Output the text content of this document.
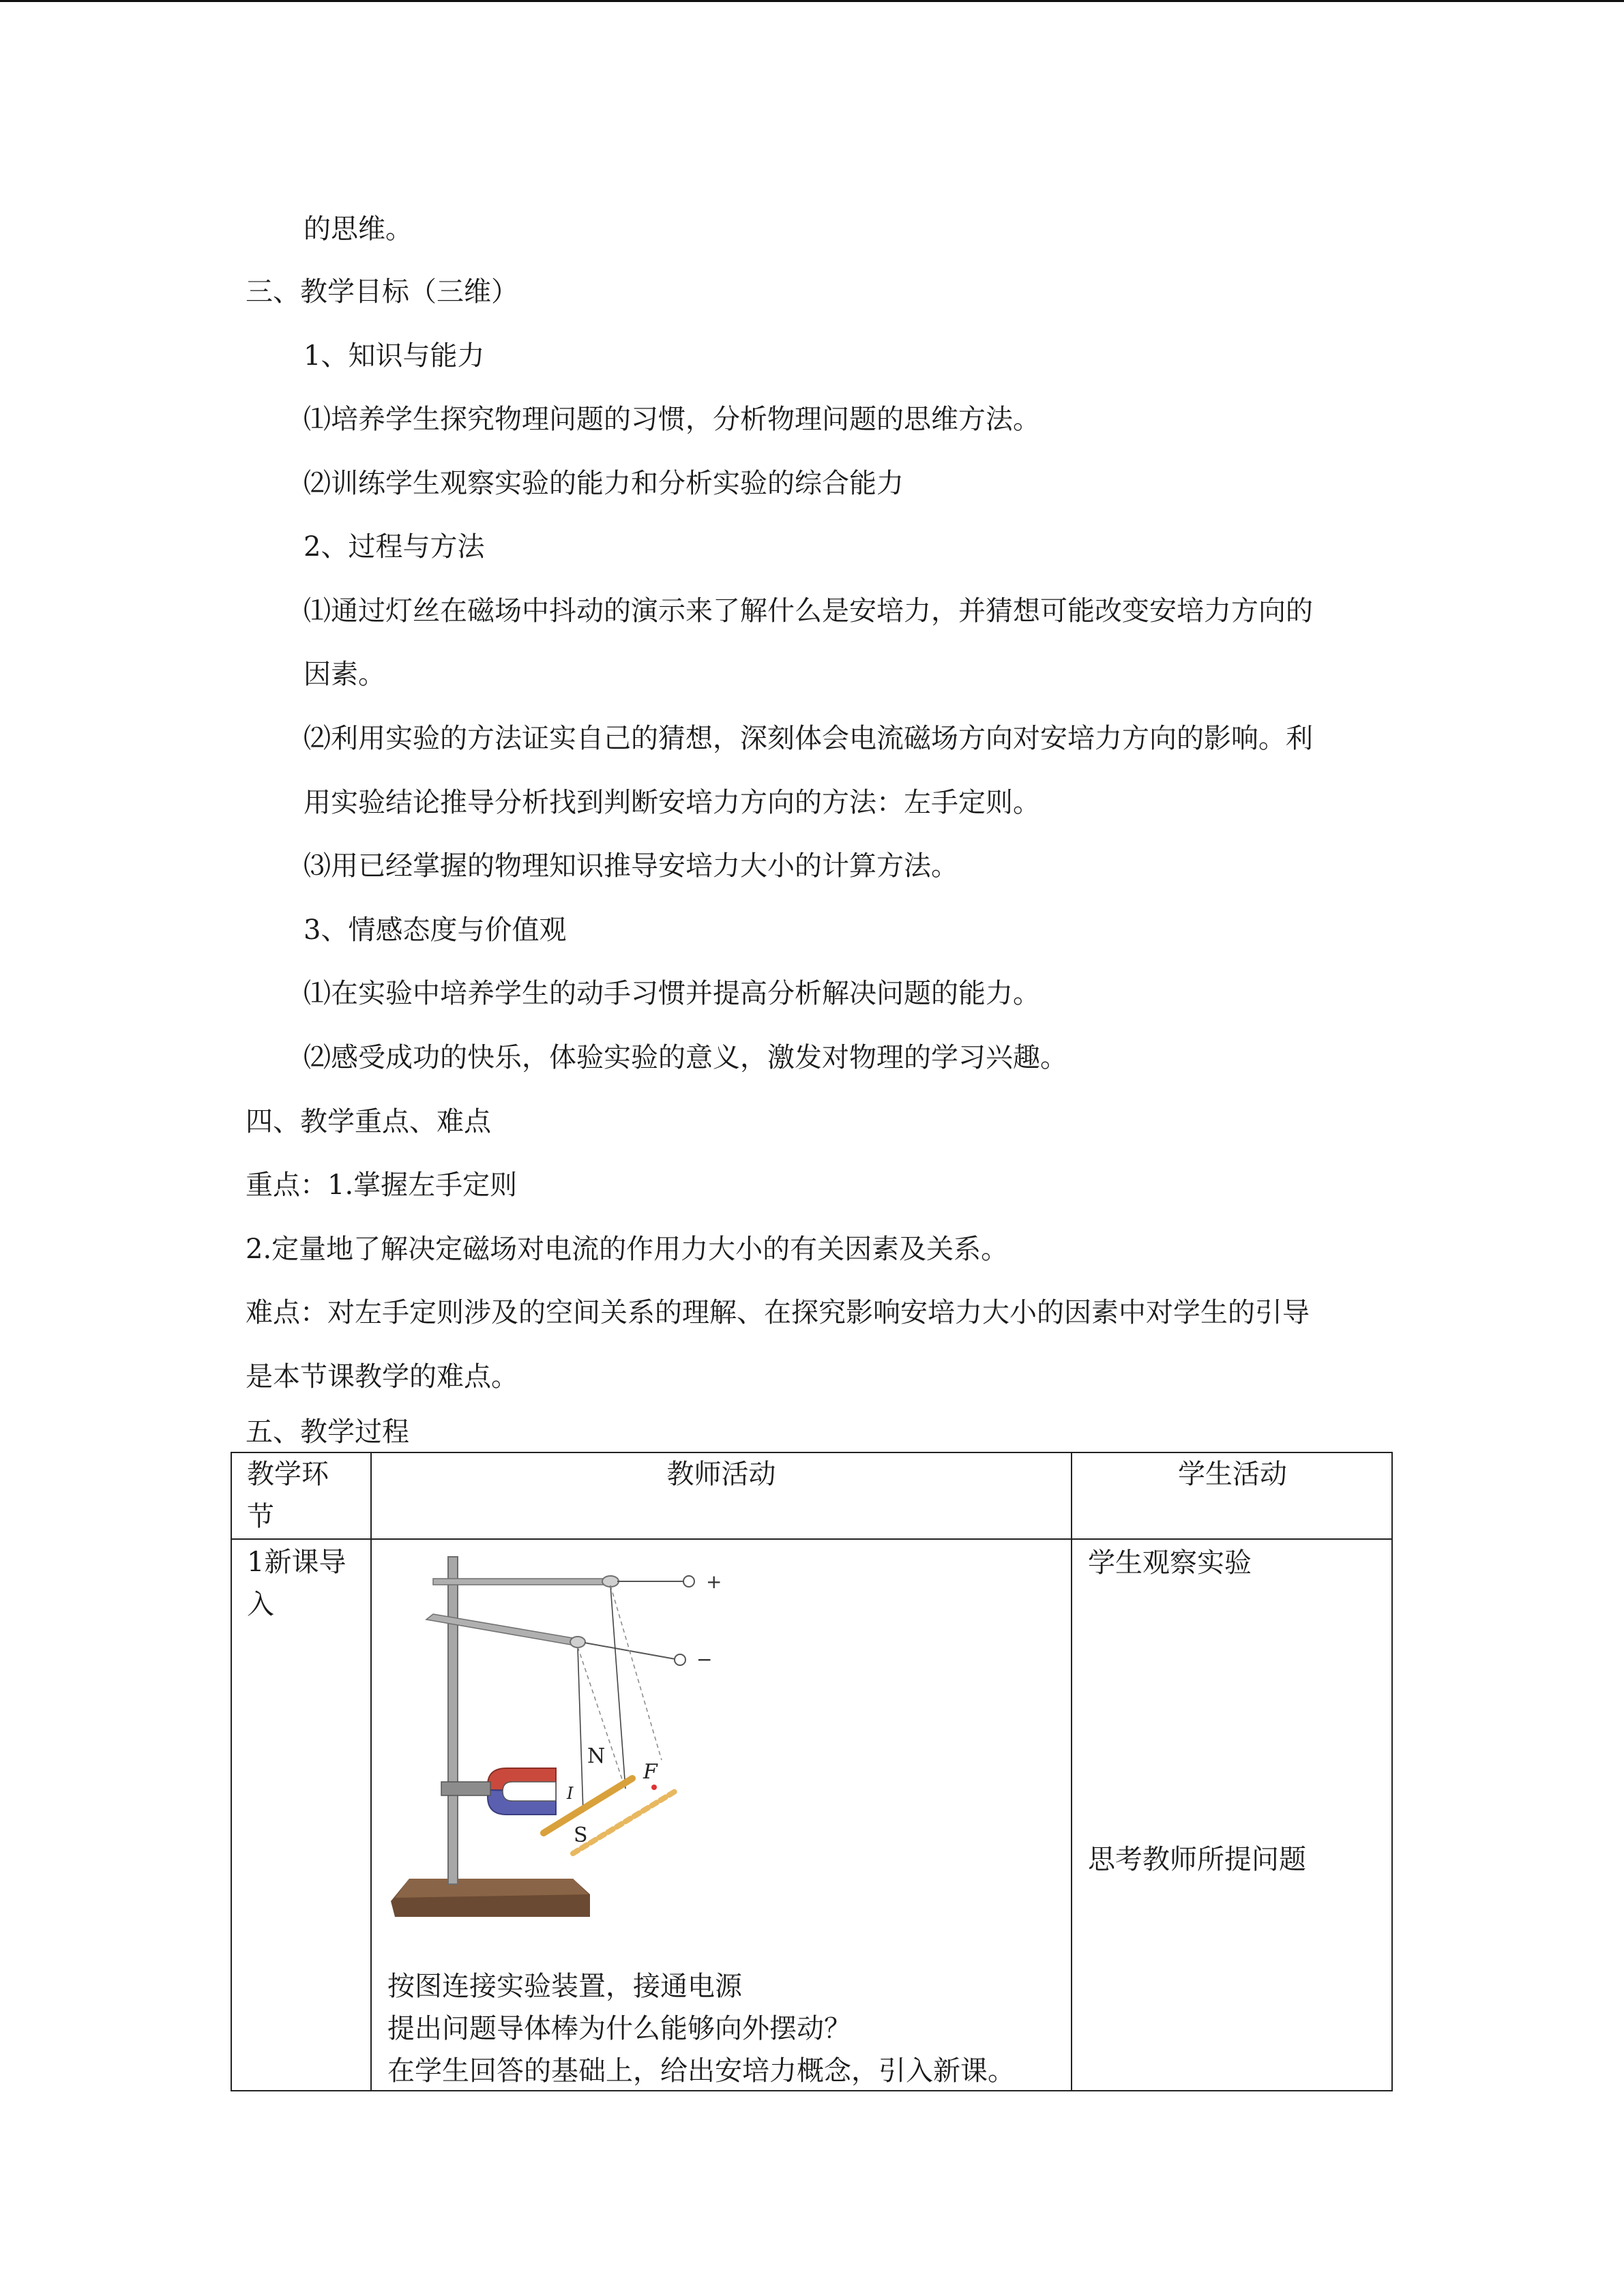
的思维。
三、教学目标（三维）
1、知识与能力
⑴培养学生探究物理问题的习惯，分析物理问题的思维方法。
⑵训练学生观察实验的能力和分析实验的综合能力
2、过程与方法
⑴通过灯丝在磁场中抖动的演示来了解什么是安培力，并猜想可能改变安培力方向的
因素。
⑵利用实验的方法证实自己的猜想，深刻体会电流磁场方向对安培力方向的影响。利
用实验结论推导分析找到判断安培力方向的方法：左手定则。
⑶用已经掌握的物理知识推导安培力大小的计算方法。
3、情感态度与价值观
⑴在实验中培养学生的动手习惯并提高分析解决问题的能力。
⑵感受成功的快乐，体验实验的意义，激发对物理的学习兴趣。
四、教学重点、难点
重点：1.掌握左手定则
2.定量地了解决定磁场对电流的作用力大小的有关因素及关系。
难点：对左手定则涉及的空间关系的理解、在探究影响安培力大小的因素中对学生的引导
是本节课教学的难点。
五、教学过程
教学环
节
教师活动	学生活动
1新课导
入
+
−
N
S
F
I
按图连接实验装置，接通电源
提出问题导体棒为什么能够向外摆动？
在学生回答的基础上，给出安培力概念，引入新课。
学生观察实验
思考教师所提问题
